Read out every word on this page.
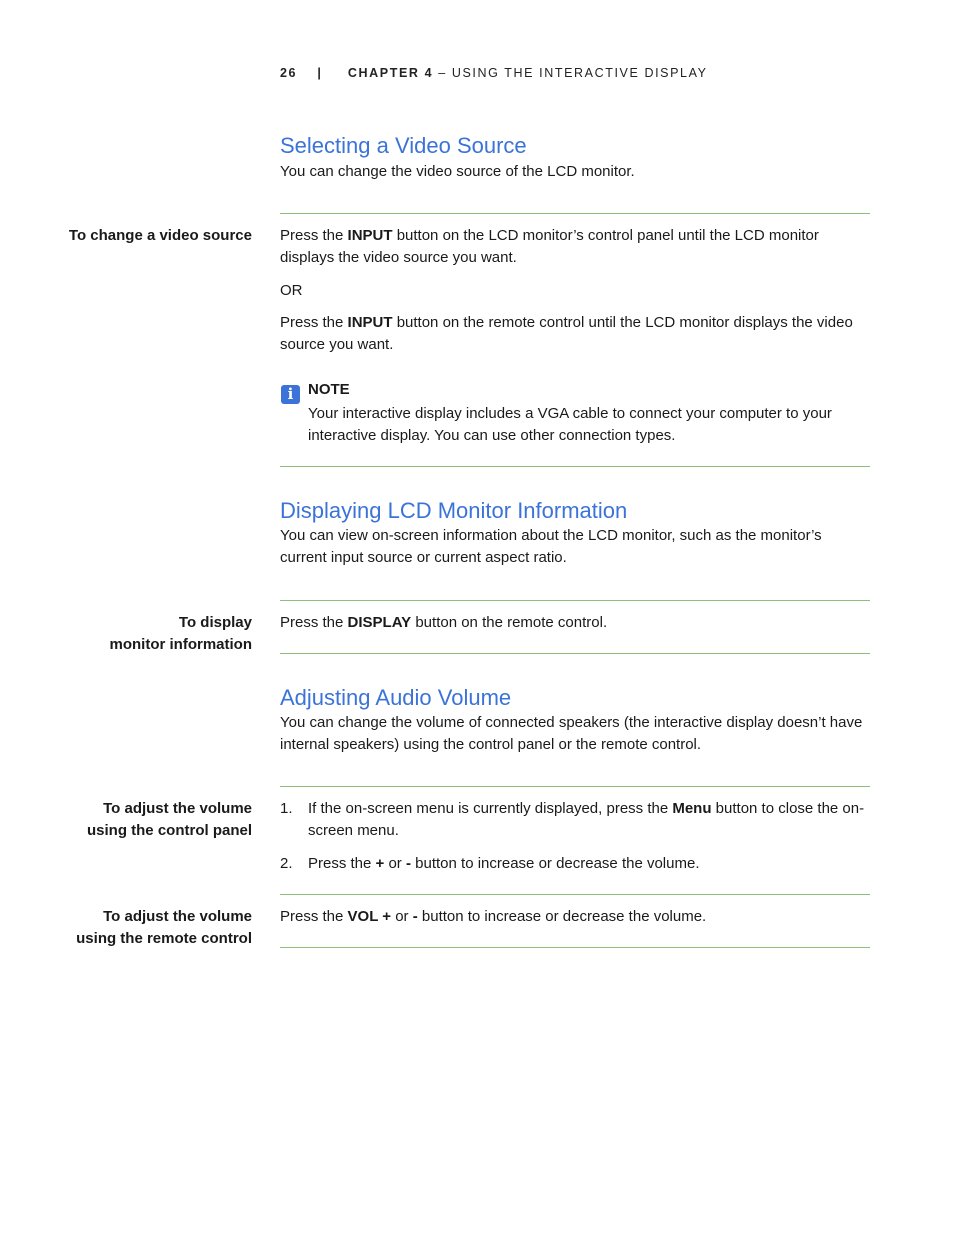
26 | CHAPTER 4 – USING THE INTERACTIVE DISPLAY
Selecting a Video Source

You can change the video source of the LCD monitor.

To change a video source Press the INPUT button on the LCD monitor’s control panel until the LCD monitor displays the video source you want.

OR

Press the INPUT button on the remote control until the LCD monitor displays the video source you want.

i NOTE
Your interactive display includes a VGA cable to connect your computer to your interactive display. You can use other connection types.
Displaying LCD Monitor Information

You can view on-screen information about the LCD monitor, such as the monitor’s current input source or current aspect ratio.

To display
monitor information

Press the DISPLAY button on the remote control.

Adjusting Audio Volume

You can change the volume of connected speakers (the interactive display doesn’t have internal speakers) using the control panel or the remote control.

To adjust the volume
using the control panel
1. If the on-screen menu is currently displayed, press the Menu button to close the on-screen menu.
2. Press the + or - button to increase or decrease the volume.
To adjust the volume
using the remote control

Press the VOL + or - button to increase or decrease the volume.
